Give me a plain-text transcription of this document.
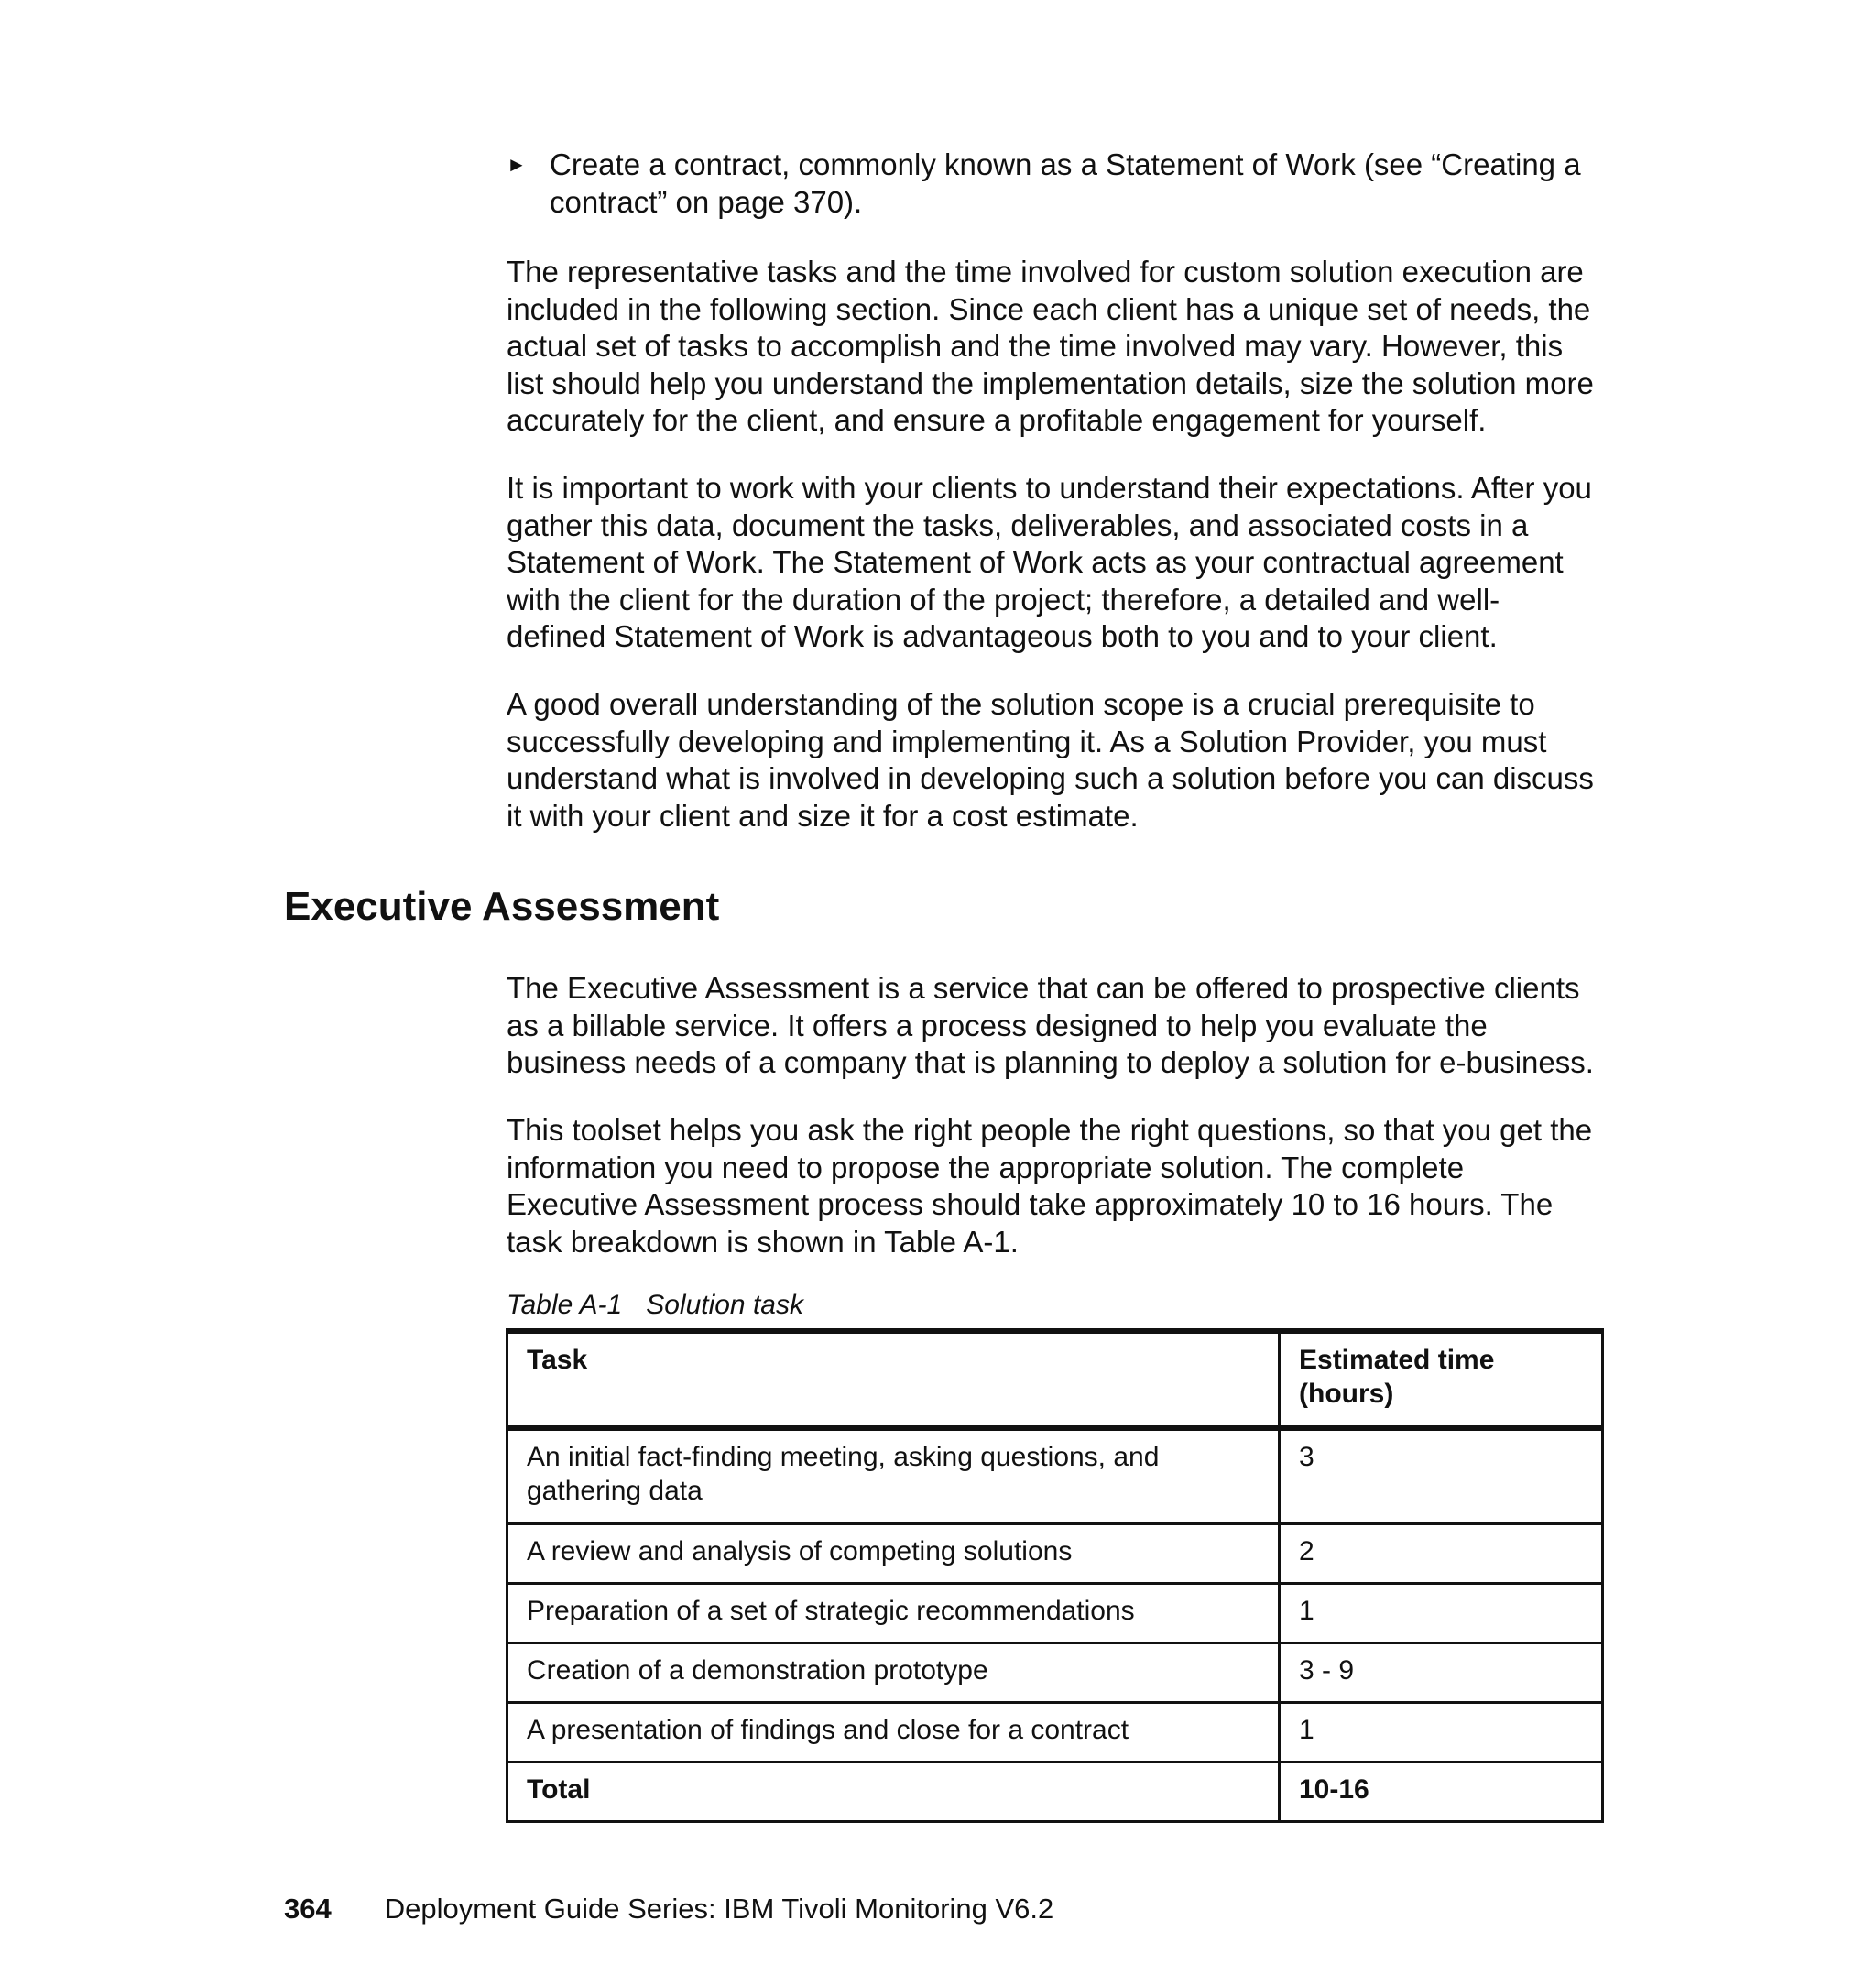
► Create a contract, commonly known as a Statement of Work (see “Creating a contract” on page 370).

The representative tasks and the time involved for custom solution execution are included in the following section. Since each client has a unique set of needs, the actual set of tasks to accomplish and the time involved may vary. However, this list should help you understand the implementation details, size the solution more accurately for the client, and ensure a profitable engagement for yourself.

It is important to work with your clients to understand their expectations. After you gather this data, document the tasks, deliverables, and associated costs in a Statement of Work. The Statement of Work acts as your contractual agreement with the client for the duration of the project; therefore, a detailed and well-defined Statement of Work is advantageous both to you and to your client.

A good overall understanding of the solution scope is a crucial prerequisite to successfully developing and implementing it. As a Solution Provider, you must understand what is involved in developing such a solution before you can discuss it with your client and size it for a cost estimate.

Executive Assessment

The Executive Assessment is a service that can be offered to prospective clients as a billable service. It offers a process designed to help you evaluate the business needs of a company that is planning to deploy a solution for e-business.

This toolset helps you ask the right people the right questions, so that you get the information you need to propose the appropriate solution. The complete Executive Assessment process should take approximately 10 to 16 hours. The task breakdown is shown in Table A-1.

Table A-1 Solution task
Task	Estimated time (hours)
An initial fact-finding meeting, asking questions, and gathering data	3
A review and analysis of competing solutions	2
Preparation of a set of strategic recommendations	1
Creation of a demonstration prototype	3 - 9
A presentation of findings and close for a contract	1
Total	10-16
364 Deployment Guide Series: IBM Tivoli Monitoring V6.2
